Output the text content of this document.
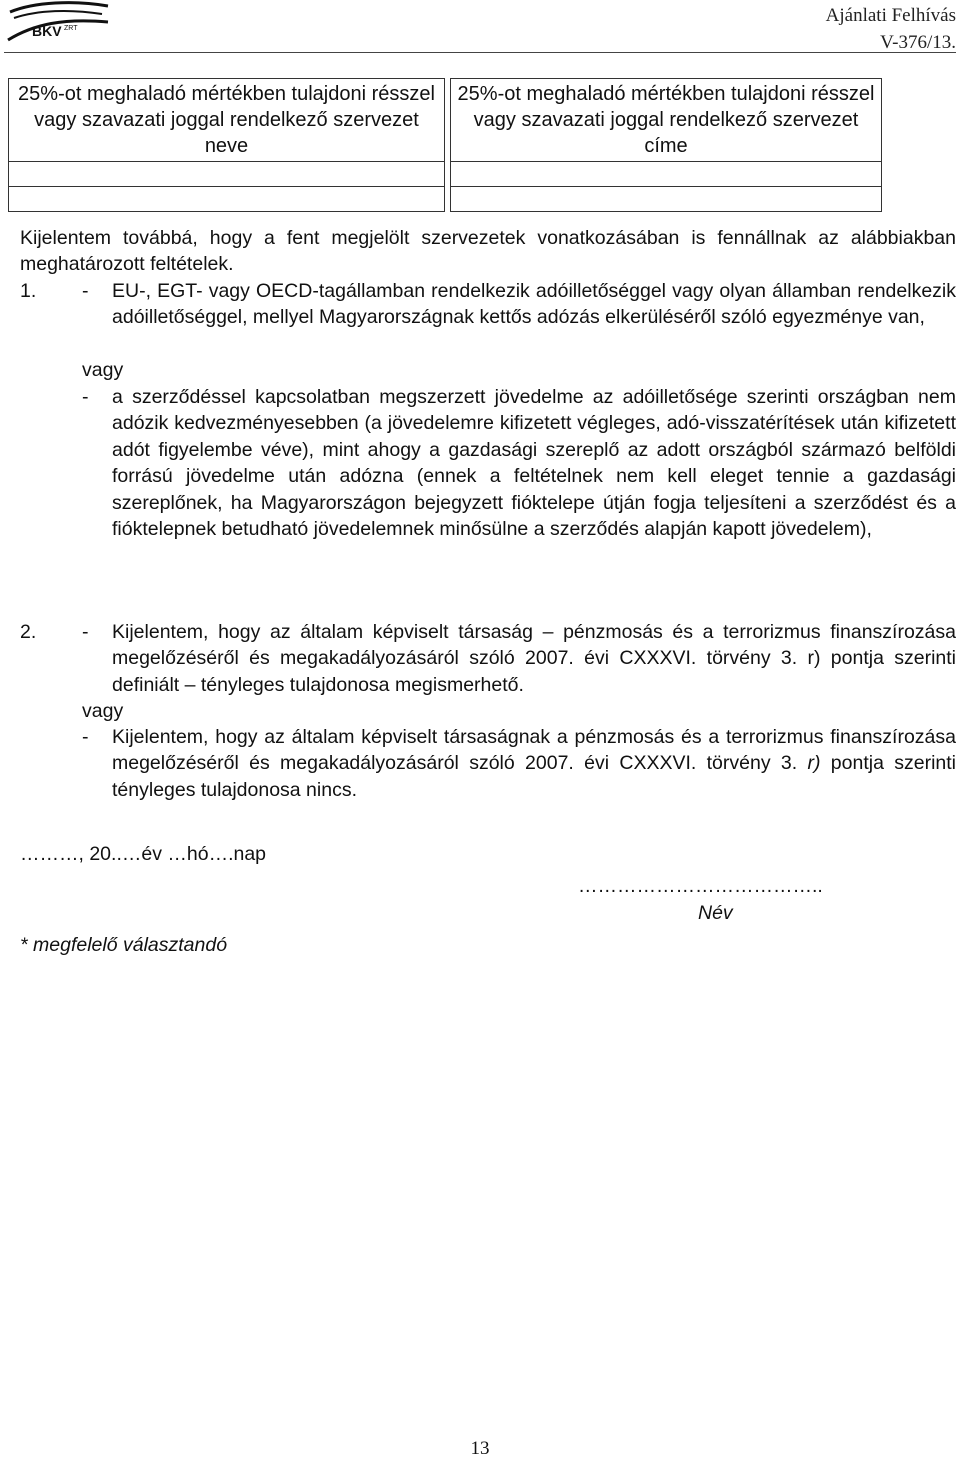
BKV ZRT
Ajánlati Felhívás
V-376/13.
25%-ot meghaladó mértékben tulajdoni résszel vagy szavazati joggal rendelkező szervezet neve		25%-ot meghaladó mértékben tulajdoni résszel vagy szavazati joggal rendelkező szervezet címe

Kijelentem továbbá, hogy a fent megjelölt szervezetek vonatkozásában is fennállnak az alábbiakban meghatározott feltételek.
1. - EU-, EGT- vagy OECD-tagállamban rendelkezik adóilletőséggel vagy olyan államban rendelkezik adóilletőséggel, mellyel Magyarországnak kettős adózás elkerüléséről szóló egyezménye van,
vagy
- a szerződéssel kapcsolatban megszerzett jövedelme az adóilletősége szerinti országban nem adózik kedvezményesebben (a jövedelemre kifizetett végleges, adó-visszatérítések után kifizetett adót figyelembe véve), mint ahogy a gazdasági szereplő az adott országból származó belföldi forrású jövedelme után adózna (ennek a feltételnek nem kell eleget tennie a gazdasági szereplőnek, ha Magyarországon bejegyzett fióktelepe útján fogja teljesíteni a szerződést és a fióktelepnek betudható jövedelemnek minősülne a szerződés alapján kapott jövedelem),
2. - Kijelentem, hogy az általam képviselt társaság – pénzmosás és a terrorizmus finanszírozása megelőzéséről és megakadályozásáról szóló 2007. évi CXXXVI. törvény 3. r) pontja szerinti definiált – tényleges tulajdonosa megismerhető.
vagy
- Kijelentem, hogy az általam képviselt társaságnak a pénzmosás és a terrorizmus finanszírozása megelőzéséről és megakadályozásáról szóló 2007. évi CXXXVI. törvény 3. r) pontja szerinti tényleges tulajdonosa nincs.
………, 20..…év …hó….nap
………………………………..
Név
* megfelelő választandó
13
